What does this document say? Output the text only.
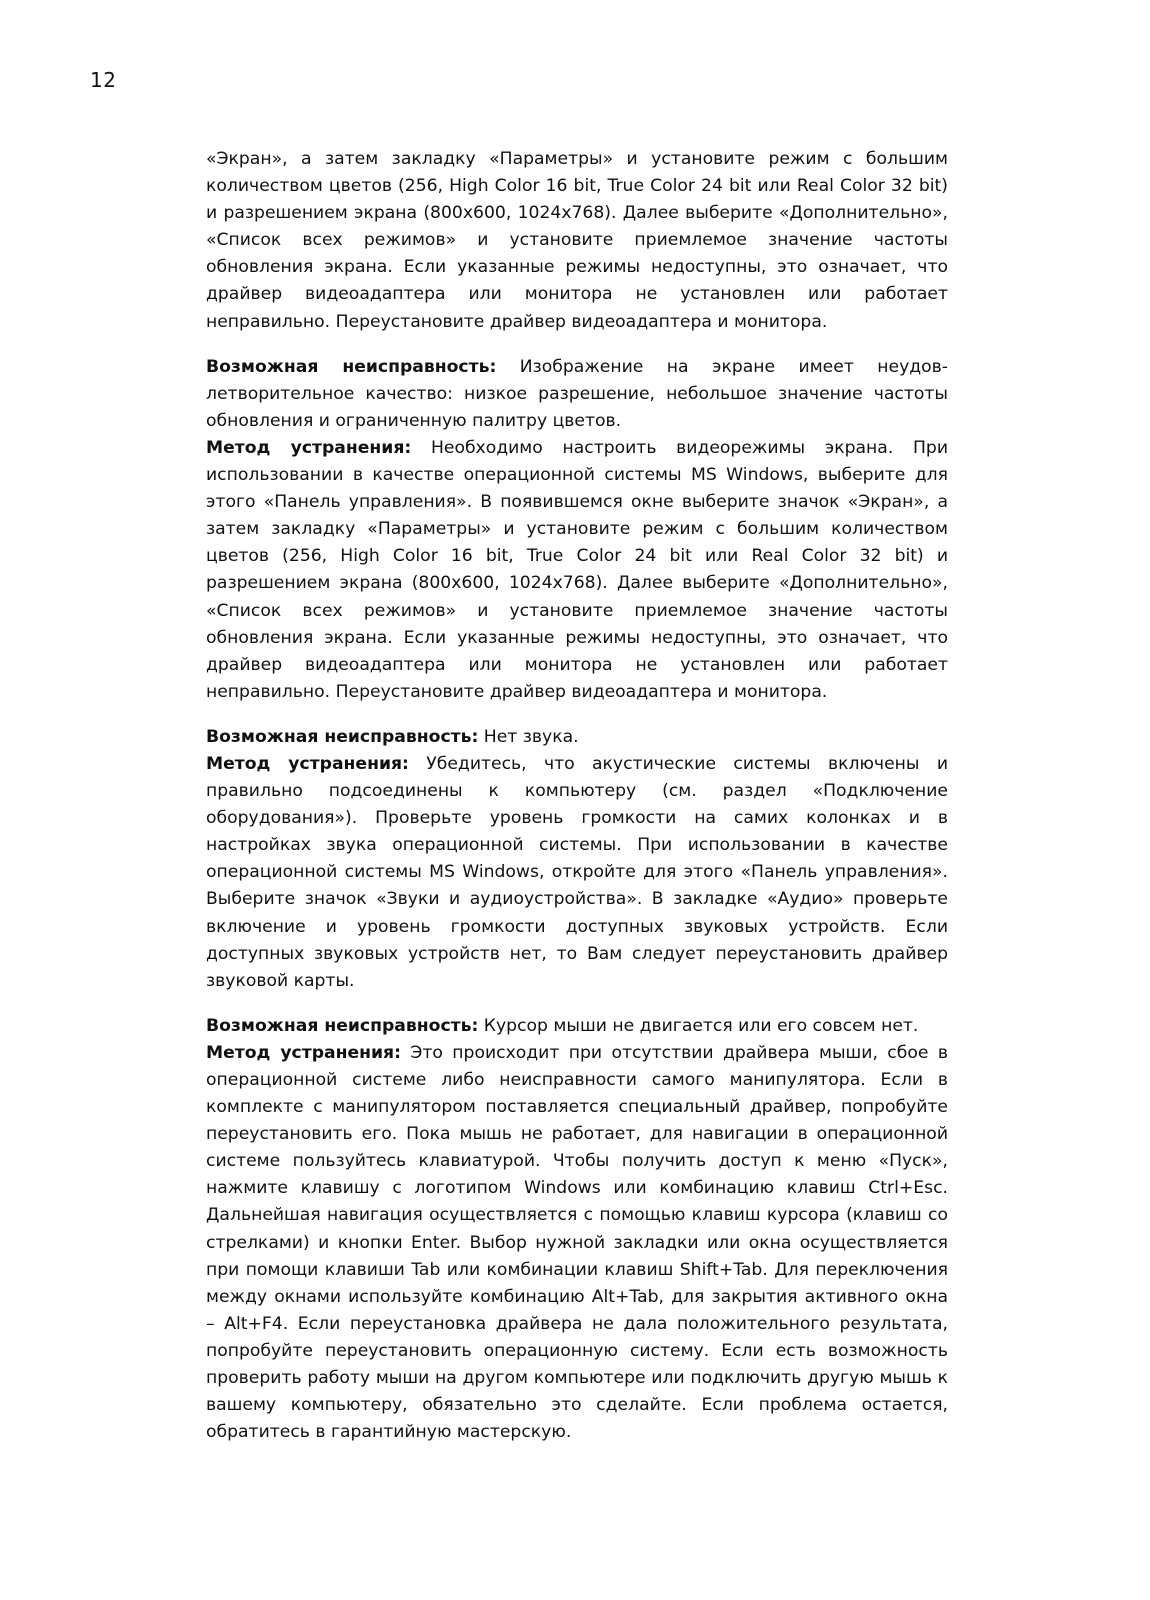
12

«Экран», а затем закладку «Параметры» и установите режим с большим количеством цветов (256, High Color 16 bit, True Color 24 bit или Real Color 32 bit) и разрешением экрана (800x600, 1024x768). Далее выберите «Дополнительно», «Список всех режимов» и установите приемлемое значение частоты обновления экрана. Если указанные режимы недоступны, это означает, что драйвер видеоадаптера или монитора не установлен или работает неправильно. Переустановите драйвер видеоадаптера и монитора.

Возможная неисправность: Изображение на экране имеет неудовлетворительное качество: низкое разрешение, небольшое значение частоты обновления и ограниченную палитру цветов.

Метод устранения: Необходимо настроить видеорежимы экрана. При использовании в качестве операционной системы MS Windows, выберите для этого «Панель управления». В появившемся окне выберите значок «Экран», а затем закладку «Параметры» и установите режим с большим количеством цветов (256, High Color 16 bit, True Color 24 bit или Real Color 32 bit) и разрешением экрана (800x600, 1024x768). Далее выберите «Дополнительно», «Список всех режимов» и установите приемлемое значение частоты обновления экрана. Если указанные режимы недоступны, это означает, что драйвер видеоадаптера или монитора не установлен или работает неправильно. Переустановите драйвер видеоадаптера и монитора.

Возможная неисправность: Нет звука.

Метод устранения: Убедитесь, что акустические системы включены и правильно подсоединены к компьютеру (см. раздел «Подключение оборудования»). Проверьте уровень громкости на самих колонках и в настройках звука операционной системы. При использовании в качестве операционной системы MS Windows, откройте для этого «Панель управления». Выберите значок «Звуки и аудиоустройства». В закладке «Аудио» проверьте включение и уровень громкости доступных звуковых устройств. Если доступных звуковых устройств нет, то Вам следует переустановить драйвер звуковой карты.

Возможная неисправность: Курсор мыши не двигается или его совсем нет.

Метод устранения: Это происходит при отсутствии драйвера мыши, сбое в операционной системе либо неисправности самого манипулятора. Если в комплекте с манипулятором поставляется специальный драйвер, попробуйте переустановить его. Пока мышь не работает, для навигации в операционной системе пользуйтесь клавиатурой. Чтобы получить доступ к меню «Пуск», нажмите клавишу с логотипом Windows или комбинацию клавиш Ctrl+Esc. Дальнейшая навигация осуществляется с помощью клавиш курсора (клавиш со стрелками) и кнопки Enter. Выбор нужной закладки или окна осуществляется при помощи клавиши Tab или комбинации клавиш Shift+Tab. Для переключения между окнами используйте комбинацию Alt+Tab, для закрытия активного окна – Alt+F4. Если переустановка драйвера не дала положительного результата, попробуйте переустановить операционную систему. Если есть возможность проверить работу мыши на другом компьютере или подключить другую мышь к вашему компьютеру, обязательно это сделайте. Если проблема остается, обратитесь в гарантийную мастерскую.
